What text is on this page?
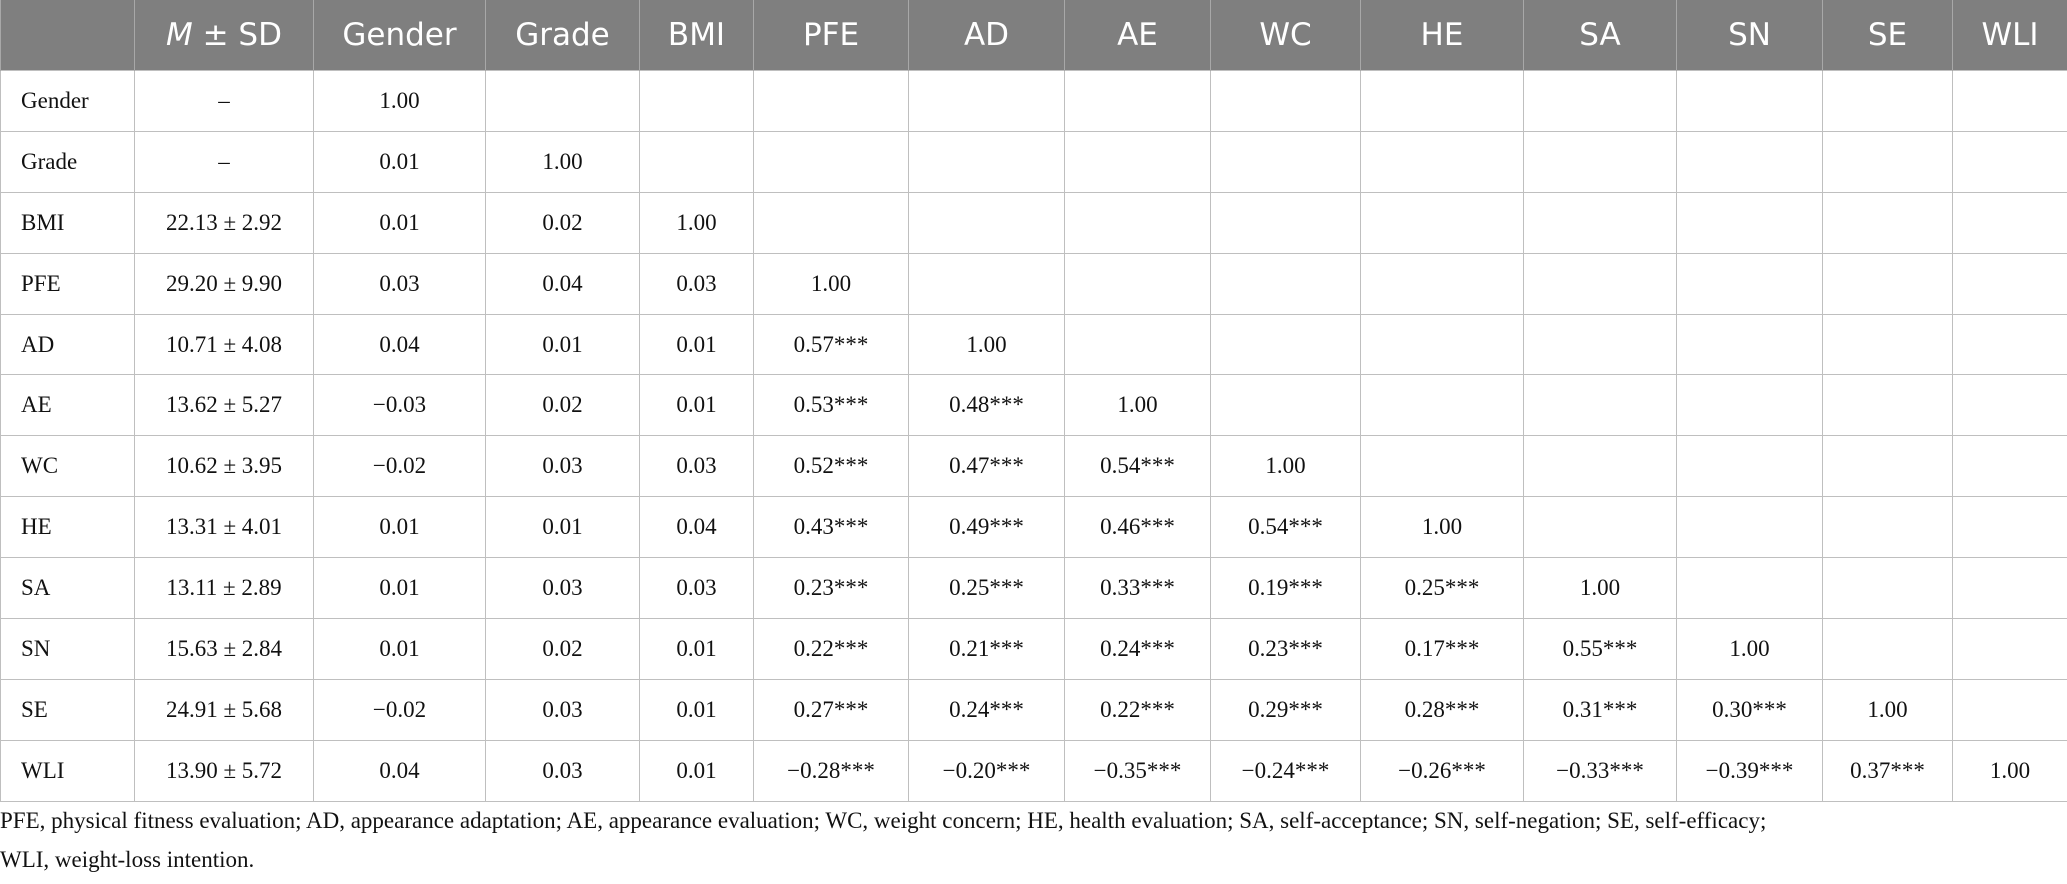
	M ± SD	Gender	Grade	BMI	PFE	AD	AE	WC	HE	SA	SN	SE	WLI
Gender	–	1.00											
Grade	–	0.01	1.00										
BMI	22.13 ± 2.92	0.01	0.02	1.00									
PFE	29.20 ± 9.90	0.03	0.04	0.03	1.00								
AD	10.71 ± 4.08	0.04	0.01	0.01	0.57***	1.00							
AE	13.62 ± 5.27	−0.03	0.02	0.01	0.53***	0.48***	1.00						
WC	10.62 ± 3.95	−0.02	0.03	0.03	0.52***	0.47***	0.54***	1.00					
HE	13.31 ± 4.01	0.01	0.01	0.04	0.43***	0.49***	0.46***	0.54***	1.00				
SA	13.11 ± 2.89	0.01	0.03	0.03	0.23***	0.25***	0.33***	0.19***	0.25***	1.00			
SN	15.63 ± 2.84	0.01	0.02	0.01	0.22***	0.21***	0.24***	0.23***	0.17***	0.55***	1.00		
SE	24.91 ± 5.68	−0.02	0.03	0.01	0.27***	0.24***	0.22***	0.29***	0.28***	0.31***	0.30***	1.00	
WLI	13.90 ± 5.72	0.04	0.03	0.01	−0.28***	−0.20***	−0.35***	−0.24***	−0.26***	−0.33***	−0.39***	0.37***	1.00
PFE, physical fitness evaluation; AD, appearance adaptation; AE, appearance evaluation; WC, weight concern; HE, health evaluation; SA, self-acceptance; SN, self-negation; SE, self-efficacy;
WLI, weight-loss intention.
